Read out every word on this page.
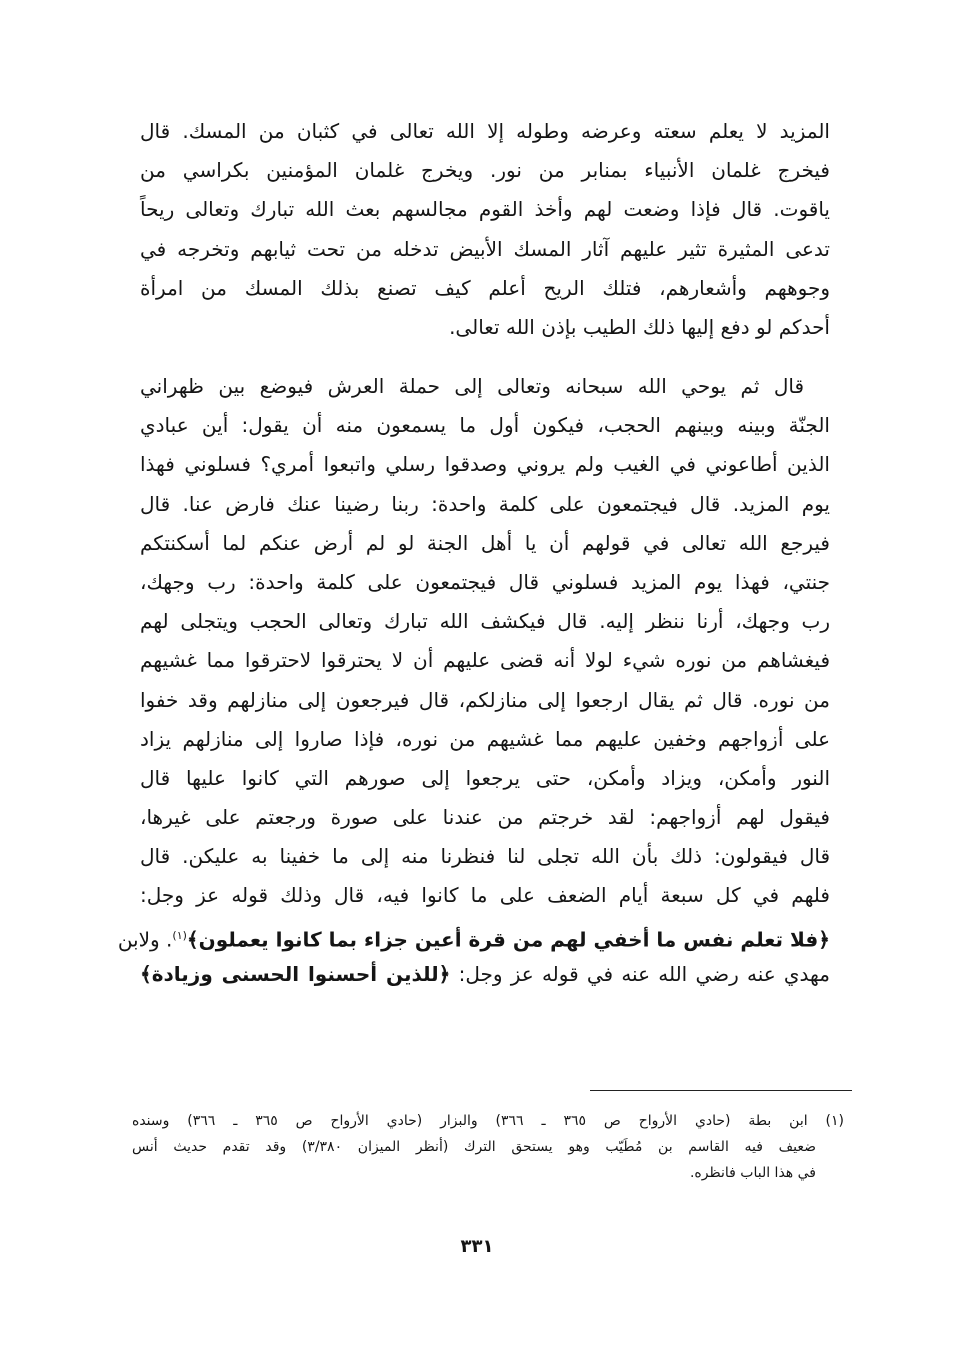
المزيد لا يعلم سعته وعرضه وطوله إلا الله تعالى في كثبان من المسك. قال
فيخرج غلمان الأنبياء بمنابر من نور. ويخرج غلمان المؤمنين بكراسي من
ياقوت. قال فإذا وضعت لهم وأخذ القوم مجالسهم بعث الله تبارك وتعالى ريحاً
تدعى المثيرة تثير عليهم آثار المسك الأبيض تدخله من تحت ثيابهم وتخرجه في
وجوههم وأشعارهم، فتلك الريح أعلم كيف تصنع بذلك المسك من امرأة
أحدكم لو دفع إليها ذلك الطيب بإذن الله تعالى.
قال ثم يوحي الله سبحانه وتعالى إلى حملة العرش فيوضع بين ظهراني
الجنّة وبينه وبينهم الحجب، فيكون أول ما يسمعون منه أن يقول: أين عبادي
الذين أطاعوني في الغيب ولم يروني وصدقوا رسلي واتبعوا أمري؟ فسلوني فهذا
يوم المزيد. قال فيجتمعون على كلمة واحدة: ربنا رضينا عنك فارض عنا. قال
فيرجع الله تعالى في قولهم أن يا أهل الجنة لو لم أرض عنكم لما أسكنتكم
جنتي، فهذا يوم المزيد فسلوني قال فيجتمعون على كلمة واحدة: رب وجهك،
رب وجهك، أرنا ننظر إليه. قال فيكشف الله تبارك وتعالى الحجب ويتجلى لهم
فيغشاهم من نوره شيء لولا أنه قضى عليهم أن لا يحترقوا لاحترقوا مما غشيهم
من نوره. قال ثم يقال ارجعوا إلى منازلكم، قال فيرجعون إلى منازلهم وقد خفوا
على أزواجهم وخفين عليهم مما غشيهم من نوره، فإذا صاروا إلى منازلهم يزاد
النور وأمكن، ويزاد وأمكن، حتى يرجعوا إلى صورهم التي كانوا عليها قال
فيقول لهم أزواجهم: لقد خرجتم من عندنا على صورة ورجعتم على غيرها،
قال فيقولون: ذلك بأن الله تجلى لنا فنظرنا منه إلى ما خفينا به عليكن. قال
فلهم في كل سبعة أيام الضعف على ما كانوا فيه، قال وذلك قوله عز وجل:
﴿فلا تعلم نفس ما أخفي لهم من قرة أعين جزاء بما كانوا يعملون﴾$^{(١)}$. ولابن
مهدي عنه رضي الله عنه في قوله عز وجل: ﴿للذين أحسنوا الحسنى وزيادة﴾
(١) ابن بطة (حادي الأرواح ص ٣٦٥ ـ ٣٦٦) والبزار (حادي الأرواح ص ٣٦٥ ـ ٣٦٦) وسنده
ضعيف فيه القاسم بن مُطَيّب وهو يستحق الترك (أنظر الميزان ٣/٣٨٠) وقد تقدم حديث أنس
في هذا الباب فانظره.
٣٣١
